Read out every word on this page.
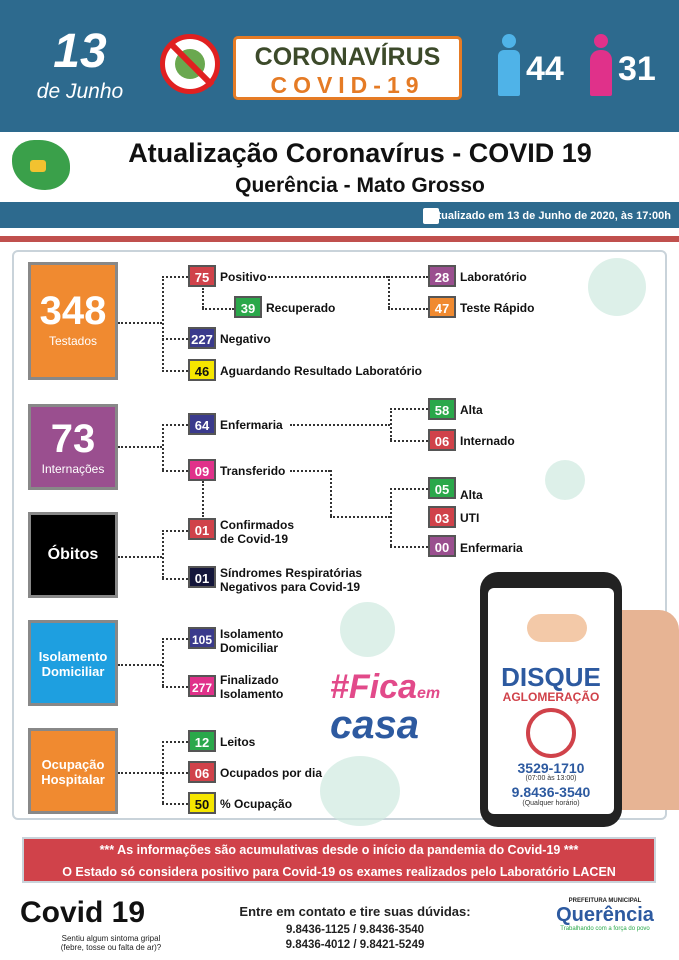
13
de Junho
CORONAVÍRUS
COVID-19	44 31
Atualização Coronavírus - COVID 19
Querência - Mato Grosso
Atualizado em 13 de Junho de 2020, às 17:00h
348
Testados
75 Positivo
39 Recuperado
28 Laboratório
47 Teste Rápido
227 Negativo
46 Aguardando Resultado Laboratório
73
Internações
64 Enfermaria
58 Alta
06 Internado
09 Transferido
05 Alta
03 UTI
00 Enfermaria
Óbitos
01 Confirmados
de Covid-19
01 Síndromes Respiratórias
Negativos para Covid-19
Isolamento
Domiciliar
105 Isolamento
Domiciliar
277
Finalizado
Isolamento
Ocupação
Hospitalar
12 Leitos
06 Ocupados por dia
50 % Ocupação
#Ficaem
casa
DISQUE
AGLOMERAÇÃO
3529-1710
(07:00 às 13:00)
9.8436-3540
(Qualquer horário)
*** As informações são acumulativas desde o início da pandemia do Covid-19 ***
O Estado só considera positivo para Covid-19 os exames realizados pelo Laboratório LACEN
Covid 19
Sentiu algum sintoma gripal
(febre, tosse ou falta de ar)?
Entre em contato e tire suas dúvidas:
9.8436-1125 / 9.8436-3540
9.8436-4012 / 9.8421-5249
PREFEITURA MUNICIPAL
Querência
Trabalhando com a força do povo
